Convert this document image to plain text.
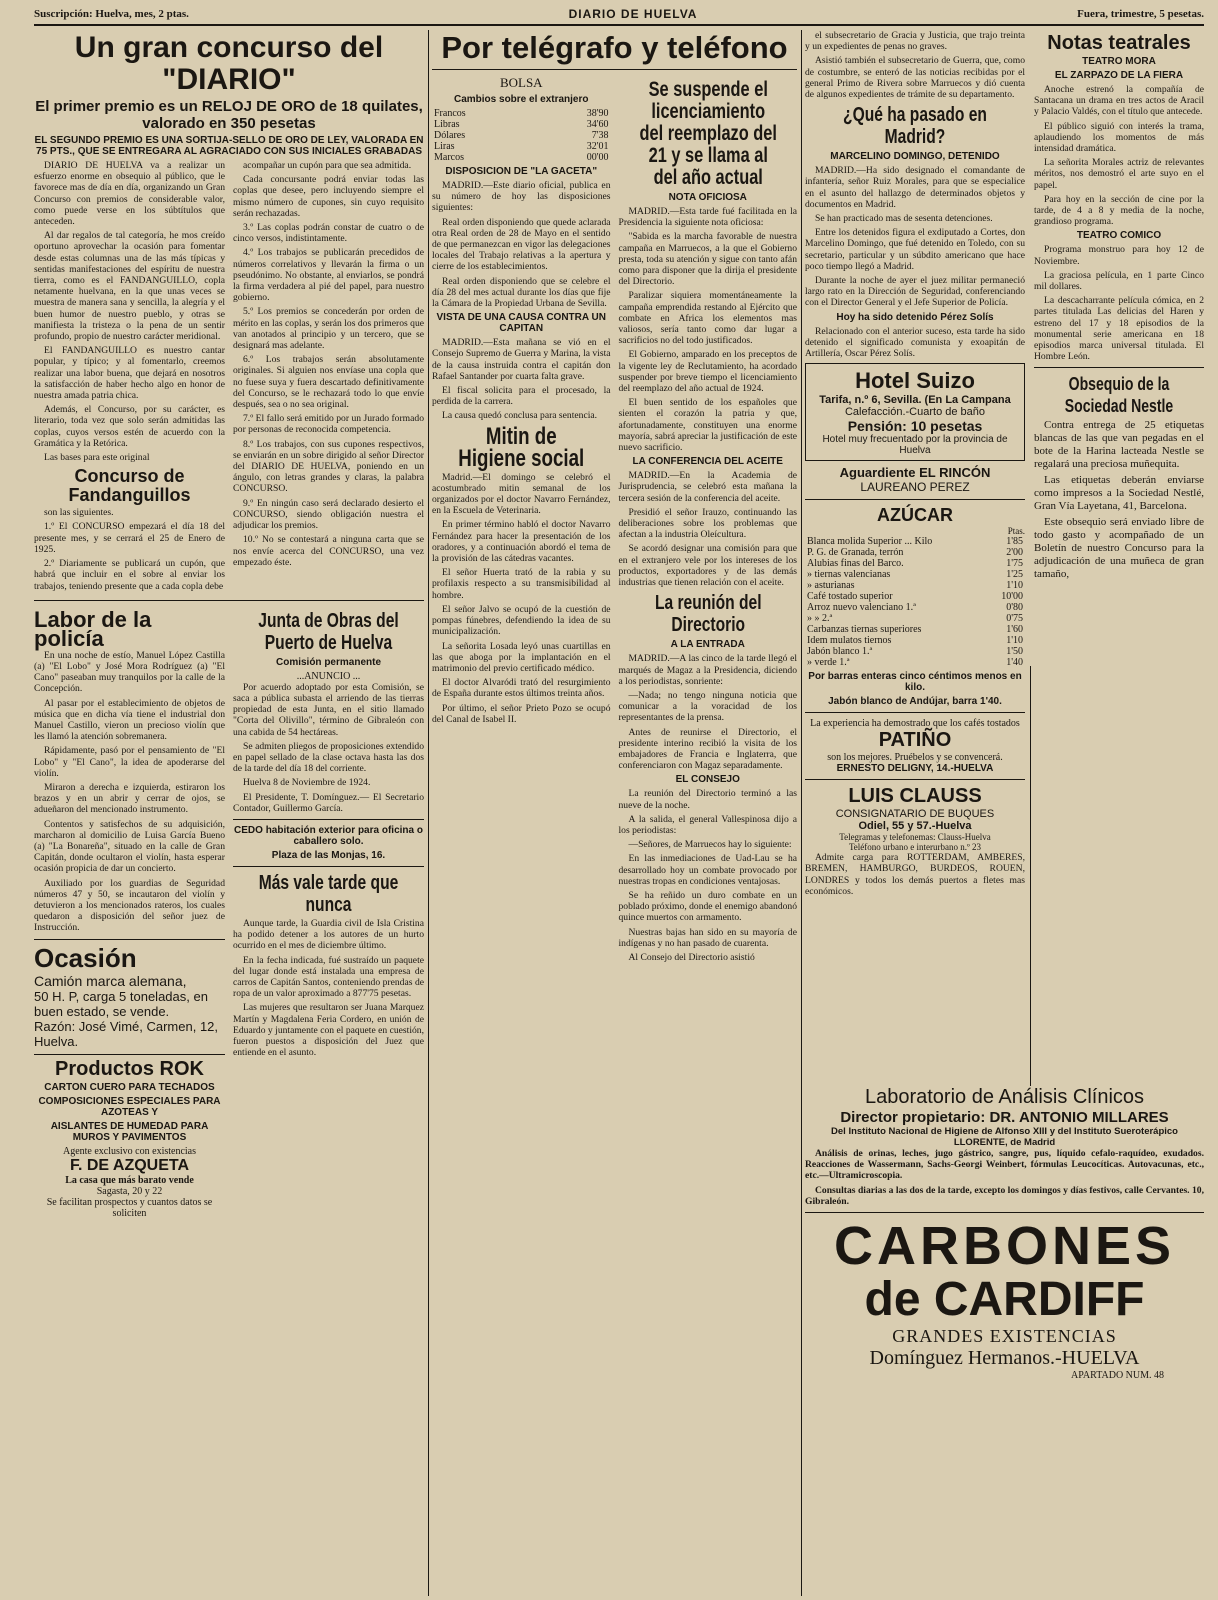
Suscripción: Huelva, mes, 2 ptas.	DIARIO DE HUELVA	Fuera, trimestre, 5 pesetas.
Un gran concurso del "DIARIO"
El primer premio es un RELOJ DE ORO de 18 quilates, valorado en 350 pesetas
EL SEGUNDO PREMIO ES UNA SORTIJA-SELLO DE ORO DE LEY, VALORADA EN 75 PTS., QUE SE ENTREGARA AL AGRACIADO CON SUS INICIALES GRABADAS

DIARIO DE HUELVA va a realizar un esfuerzo enorme en obsequio al público, que le favorece mas de día en día, organizando un Gran Concurso con premios de considerable valor, como puede verse en los súbtítulos que anteceden.

Al dar regalos de tal categoría, he mos creído oportuno aprovechar la ocasión para fomentar desde estas columnas una de las más típicas y sentidas manifestaciones del espíritu de nuestra tierra, como es el FANDANGUILLO, copla netamente huelvana, en la que unas veces se muestra de manera sana y sencilla, la alegría y el buen humor de nuestro pueblo, y otras se manifiesta la tristeza o la pena de un sentir profundo, propio de nuestro carácter meridional.

El FANDANGUILLO es nuestro cantar popular, y típico; y al fomentarlo, creemos realizar una labor buena, que dejará en nosotros la satisfacción de haber hecho algo en honor de nuestra amada patria chica.

Además, el Concurso, por su carácter, es literario, toda vez que solo serán admitidas las coplas, cuyos versos estén de acuerdo con la Gramática y la Retórica.

Las bases para este original

Concurso de Fandanguillos

son las siguientes.

1.º El CONCURSO empezará el día 18 del presente mes, y se cerrará el 25 de Enero de 1925.

2.º Diariamente se publicará un cupón, que habrá que incluir en el sobre al enviar los trabajos, teniendo presente que a cada copla debe

acompañar un cupón para que sea admitida.

Cada concursante podrá enviar todas las coplas que desee, pero incluyendo siempre el mismo número de cupones, sin cuyo requisito serán rechazadas.

3.º Las coplas podrán constar de cuatro o de cinco versos, indistintamente.

4.º Los trabajos se publicarán precedidos de números correlativos y llevarán la firma o un pseudónimo. No obstante, al enviarlos, se pondrá la firma verdadera al pié del papel, para nuestro gobierno.

5.º Los premios se concederán por orden de mérito en las coplas, y serán los dos primeros que van anotados al principio y un tercero, que se designará mas adelante.

6.º Los trabajos serán absolutamente originales. Si alguien nos envíase una copla que no fuese suya y fuera descartado definitivamente del Concurso, se le rechazará todo lo que envíe después, sea o no sea original.

7.º El fallo será emitido por un Jurado formado por personas de reconocida competencia.

8.º Los trabajos, con sus cupones respectivos, se enviarán en un sobre dirigido al señor Director del DIARIO DE HUELVA, poniendo en un ángulo, con letras grandes y claras, la palabra CONCURSO.

9.º En ningún caso será declarado desierto el CONCURSO, siendo obligación nuestra el adjudicar los premios.

10.º No se contestará a ninguna carta que se nos envíe acerca del CONCURSO, una vez empezado éste.

Labor de la policía

En una noche de estío, Manuel López Castilla (a) "El Lobo" y José Mora Rodríguez (a) "El Cano" paseaban muy tranquilos por la calle de la Concepción.

Al pasar por el establecimiento de objetos de música que en dicha vía tiene el industrial don Manuel Castillo, vieron un precioso violín que les llamó la atención sobremanera.

Rápidamente, pasó por el pensamiento de "El Lobo" y "El Cano", la idea de apoderarse del violín.

Miraron a derecha e izquierda, estiraron los brazos y en un abrir y cerrar de ojos, se adueñaron del mencionado instrumento.

Contentos y satisfechos de su adquisición, marcharon al domicilio de Luisa García Bueno (a) "La Bonareña", situado en la calle de Gran Capitán, donde ocultaron el violín, hasta esperar ocasión propicia de dar un concierto.

Auxiliado por los guardias de Seguridad números 47 y 50, se incautaron del violín y detuvieron a los mencionados rateros, los cuales quedaron a disposición del señor juez de Instrucción.

Ocasión
Camión marca alemana,
50 H. P, carga 5 toneladas, en buen estado, se vende.
Razón: José Vimé, Carmen, 12, Huelva.
Productos ROK
CARTON CUERO PARA TECHADOS
COMPOSICIONES ESPECIALES PARA AZOTEAS Y
AISLANTES DE HUMEDAD PARA MUROS Y PAVIMENTOS
Agente exclusivo con existencias
F. DE AZQUETA
La casa que más barato vende
Sagasta, 20 y 22
Se facilitan prospectos y cuantos datos se soliciten
Junta de Obras del Puerto de Huelva
Comisión permanente
...ANUNCIO ...

Por acuerdo adoptado por esta Comisión, se saca a pública subasta el arriendo de las tierras propiedad de esta Junta, en el sitio llamado "Corta del Olivillo", término de Gibraleón con una cabida de 54 hectáreas.

Se admiten pliegos de proposiciones extendido en papel sellado de la clase octava hasta las dos de la tarde del día 18 del corriente.

Huelva 8 de Noviembre de 1924.

El Presidente, T. Domínguez.— El Secretario Contador, Guillermo García.

CEDO habitación exterior para oficina o caballero solo.
Plaza de las Monjas, 16.
Más vale tarde que nunca

Aunque tarde, la Guardia civil de Isla Cristina ha podido detener a los autores de un hurto ocurrido en el mes de diciembre último.

En la fecha indicada, fué sustraído un paquete del lugar donde está instalada una empresa de carros de Capitán Santos, conteniendo prendas de ropa de un valor aproximado a 877'75 pesetas.

Las mujeres que resultaron ser Juana Marquez Martín y Magdalena Feria Cordero, en unión de Eduardo y juntamente con el paquete en cuestión, fueron puestos a disposición del Juez que entiende en el asunto.

Por telégrafo y teléfono
BOLSA
Cambios sobre el extranjero
Francos	38'90
Libras	34'60
Dólares	7'38
Liras	32'01
Marcos	00'00
DISPOSICION DE "LA GACETA"

MADRID.—Este diario oficial, publica en su número de hoy las disposiciones siguientes:

Real orden disponiendo que quede aclarada otra Real orden de 28 de Mayo en el sentido de que permanezcan en vigor las delegaciones locales del Trabajo relativas a la apertura y cierre de los establecimientos.

Real orden disponiendo que se celebre el día 28 del mes actual durante los días que fije la Cámara de la Propiedad Urbana de Sevilla.

VISTA DE UNA CAUSA CONTRA UN CAPITAN

MADRID.—Esta mañana se vió en el Consejo Supremo de Guerra y Marina, la vista de la causa instruida contra el capitán don Rafael Santander por cuarta falta grave.

El fiscal solicita para el procesado, la perdida de la carrera.

La causa quedó conclusa para sentencia.

Mitin de Higiene social

Madrid.—El domingo se celebró el acostumbrado mitin semanal de los organizados por el doctor Navarro Fernández, en la Escuela de Veterinaria.

En primer término habló el doctor Navarro Fernández para hacer la presentación de los oradores, y a continuación abordó el tema de la provisión de las cátedras vacantes.

El señor Huerta trató de la rabia y su profilaxis respecto a su transmisibilidad al hombre.

El señor Jalvo se ocupó de la cuestión de pompas fúnebres, defendiendo la idea de su municipalización.

La señorita Losada leyó unas cuartillas en las que aboga por la implantación en el matrimonio del previo certificado médico.

El doctor Alvaródi trató del resurgimiento de España durante estos últimos treinta años.

Por último, el señor Prieto Pozo se ocupó del Canal de Isabel II.

Se suspende el licenciamiento del reemplazo del 21 y se llama al del año actual
NOTA OFICIOSA

MADRID.—Esta tarde fué facilitada en la Presidencia la siguiente nota oficiosa:

"Sabida es la marcha favorable de nuestra campaña en Marruecos, a la que el Gobierno presta, toda su atención y sigue con tanto afán como para disponer que la dirija el presidente del Directorio.

Paralizar siquiera momentáneamente la campaña emprendida restando al Ejército que combate en Africa los elementos mas valiosos, sería tanto como dar lugar a sacrificios no del todo justificados.

El Gobierno, amparado en los preceptos de la vigente ley de Reclutamiento, ha acordado suspender por breve tiempo el licenciamiento del reemplazo del año actual de 1924.

El buen sentido de los españoles que sienten el corazón la patria y que, afortunadamente, constituyen una enorme mayoría, sabrá apreciar la justificación de este nuevo sacrificio.

LA CONFERENCIA DEL ACEITE

MADRID.—En la Academia de Jurisprudencia, se celebró esta mañana la tercera sesión de la conferencia del aceite.

Presidió el señor Irauzo, continuando las deliberaciones sobre los problemas que afectan a la industria Oleícultura.

Se acordó designar una comisión para que en el extranjero vele por los intereses de los productos, exportadores y de las demás industrias que tienen relación con el aceite.

La reunión del Directorio
A LA ENTRADA

MADRID.—A las cinco de la tarde llegó el marqués de Magaz a la Presidencia, diciendo a los periodistas, sonriente:

—Nada; no tengo ninguna noticia que comunicar a la voracidad de los representantes de la prensa.

Antes de reunirse el Directorio, el presidente interino recibió la visita de los embajadores de Francia e Inglaterra, que conferenciaron con Magaz separadamente.

EL CONSEJO

La reunión del Directorio terminó a las nueve de la noche.

A la salida, el general Vallespinosa dijo a los periodistas:

—Señores, de Marruecos hay lo siguiente:

En las inmediaciones de Uad-Lau se ha desarrollado hoy un combate provocado por nuestras tropas en condiciones ventajosas.

Se ha reñido un duro combate en un poblado próximo, donde el enemigo abandonó quince muertos con armamento.

Nuestras bajas han sido en su mayoría de indígenas y no han pasado de cuarenta.

Al Consejo del Directorio asistió

el subsecretario de Gracia y Justicia, que trajo treinta y un expedientes de penas no graves.

Asistió también el subsecretario de Guerra, que, como de costumbre, se enteró de las noticias recibidas por el general Primo de Rivera sobre Marruecos y dió cuenta de algunos expedientes de trámite de su departamento.

¿Qué ha pasado en Madrid?
MARCELINO DOMINGO, DETENIDO

MADRID.—Ha sido designado el comandante de infantería, señor Ruiz Morales, para que se especialice en el asunto del hallazgo de determinados objetos y documentos en Madrid.

Se han practicado mas de sesenta detenciones.

Entre los detenidos figura el exdiputado a Cortes, don Marcelino Domingo, que fué detenido en Toledo, con su secretario, particular y un súbdito americano que hace poco tiempo llegó a Madrid.

Durante la noche de ayer el juez militar permaneció largo rato en la Dirección de Seguridad, conferenciando con el Director General y el Jefe Superior de Policía.

Hoy ha sido detenido Pérez Solís

Relacionado con el anterior suceso, esta tarde ha sido detenido el significado comunista y exoapitán de Artillería, Oscar Pérez Solís.

Hotel Suizo
Tarifa, n.º 6, Sevilla. (En La Campana
Calefacción.-Cuarto de baño
Pensión: 10 pesetas
Hotel muy frecuentado por la provincia de Huelva
Aguardiente EL RINCÓN
LAUREANO PEREZ
AZÚCAR
Ptas.
Blanca molida Superior ... Kilo	1'85
P. G. de Granada, terrón	2'00
Alubias finas del Barco.	1'75
» tiernas valencianas	1'25
» asturianas	1'10
Café tostado superior	10'00
Arroz nuevo valenciano 1.ª	0'80
» » 2.ª	0'75
Carbanzas tiernas superiores	1'60
Idem mulatos tiernos	1'10
Jabón blanco 1.ª	1'50
» verde 1.ª	1'40
Por barras enteras cinco céntimos menos en kilo.
Jabón blanco de Andújar, barra 1'40.
La experiencia ha demostrado que los cafés tostados
PATIÑO
son los mejores. Pruébelos y se convencerá.
ERNESTO DELIGNY, 14.-HUELVA
LUIS CLAUSS
CONSIGNATARIO DE BUQUES
Odiel, 55 y 57.-Huelva
Telegramas y telefonemas: Clauss-Huelva
Teléfono urbano e interurbano n.º 23

Admite carga para ROTTERDAM, AMBERES, BREMEN, HAMBURGO, BURDEOS, ROUEN, LONDRES y todos los demás puertos a fletes mas económicos.

Notas teatrales
TEATRO MORA
EL ZARPAZO DE LA FIERA

Anoche estrenó la compañía de Santacana un drama en tres actos de Aracil y Palacio Valdés, con el título que antecede.

El público siguió con interés la trama, aplaudiendo los momentos de más intensidad dramática.

La señorita Morales actriz de relevantes méritos, nos demostró el arte suyo en el papel.

Para hoy en la sección de cine por la tarde, de 4 a 8 y media de la noche, grandioso programa.

TEATRO COMICO

Programa monstruo para hoy 12 de Noviembre.

La graciosa película, en 1 parte Cinco mil dollares.

La descacharrante película cómica, en 2 partes titulada Las delicias del Haren y estreno del 17 y 18 episodios de la monumental serie americana en 18 episodios marca universal titulada. El Hombre León.

Obsequio de la Sociedad Nestle

Contra entrega de 25 etiquetas blancas de las que van pegadas en el bote de la Harina lacteada Nestle se regalará una preciosa muñequita.

Las etiquetas deberán enviarse como impresos a la Sociedad Nestlé, Gran Vía Layetana, 41, Barcelona.

Este obsequio será enviado libre de todo gasto y acompañado de un Boletín de nuestro Concurso para la adjudicación de una muñeca de gran tamaño,

Laboratorio de Análisis Clínicos
Director propietario: DR. ANTONIO MILLARES
Del Instituto Nacional de Higiene de Alfonso XIII y del Instituto Sueroterápico LLORENTE, de Madrid

Análisis de orinas, leches, jugo gástrico, sangre, pus, líquido cefalo-raquídeo, exudados. Reacciones de Wassermann, Sachs-Georgi Weinbert, fórmulas Leucocíticas. Autovacunas, etc., etc.—Ultramicroscopia.

Consultas diarias a las dos de la tarde, excepto los domingos y días festivos, calle Cervantes. 10, Gibraleón.

CARBONES
de CARDIFF
GRANDES EXISTENCIAS
Domínguez Hermanos.-HUELVA
APARTADO NUM. 48
